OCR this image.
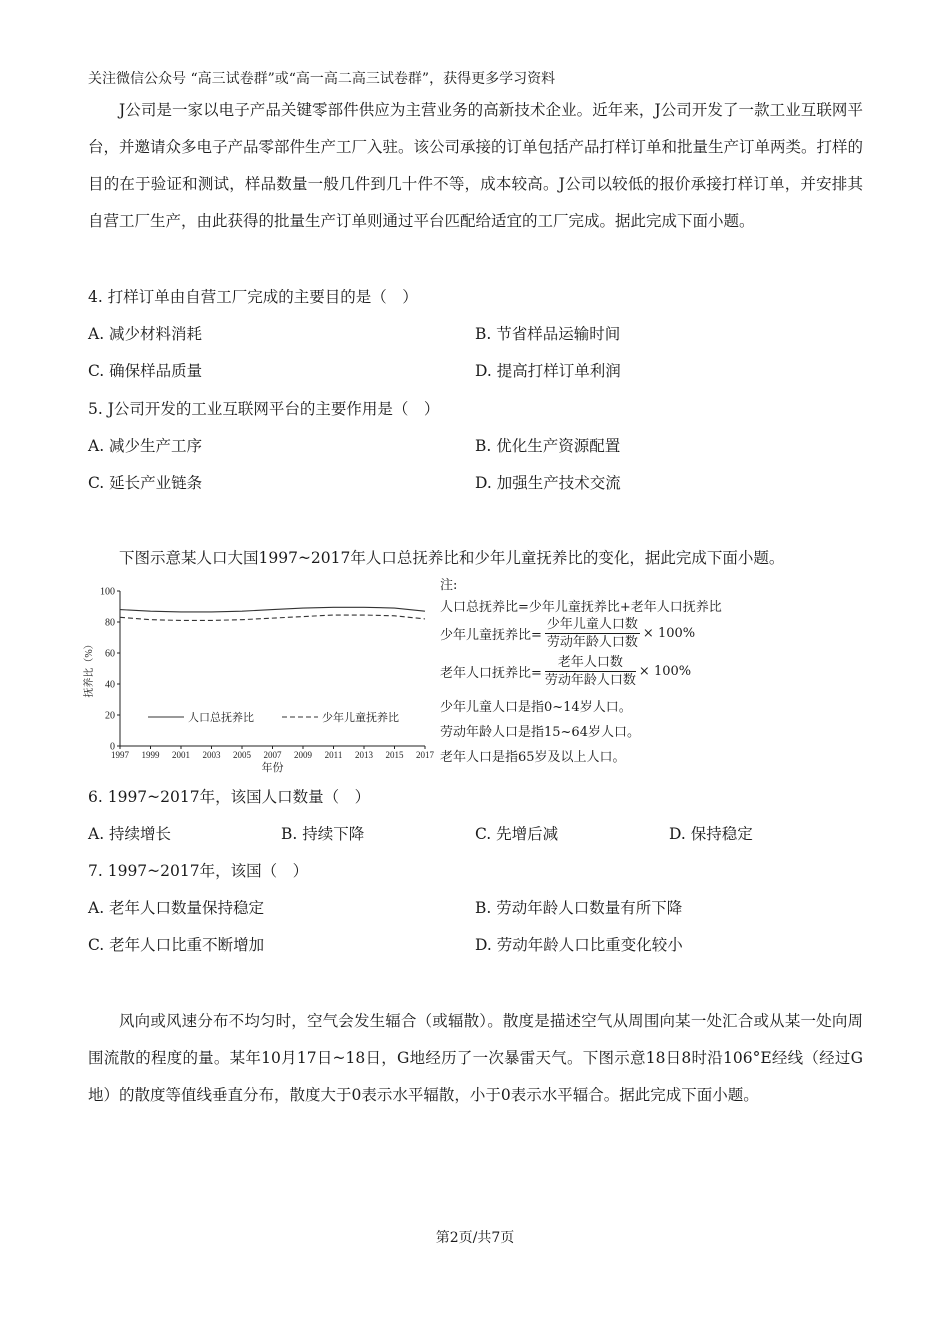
关注微信公众号 “高三试卷群”或“高一高二高三试卷群”，获得更多学习资料

J公司是一家以电子产品关键零部件供应为主营业务的高新技术企业。近年来，J公司开发了一款工业互联网平台，并邀请众多电子产品零部件生产工厂入驻。该公司承接的订单包括产品打样订单和批量生产订单两类。打样的目的在于验证和测试，样品数量一般几件到几十件不等，成本较高。J公司以较低的报价承接打样订单，并安排其自营工厂生产，由此获得的批量生产订单则通过平台匹配给适宜的工厂完成。据此完成下面小题。

4. 打样订单由自营工厂完成的主要目的是（　）
A. 减少材料消耗	B. 节省样品运输时间
C. 确保样品质量	D. 提高打样订单利润
5. J公司开发的工业互联网平台的主要作用是（　）
A. 减少生产工序	B. 优化生产资源配置
C. 延长产业链条	D. 加强生产技术交流

下图示意某人口大国1997~2017年人口总抚养比和少年儿童抚养比的变化，据此完成下面小题。

0
20
40
60
80
100
1997 1999 2001 2003 2005 2007 2009 2011 2013 2015 2017
年份
抚养比（%）
人口总抚养比	少年儿童抚养比
注:
人口总抚养比=少年儿童抚养比+老年人口抚养比
少年儿童抚养比= $\frac{\text{少年儿童人口数}}{\text{劳动年龄人口数}} \times 100\%$
老年人口抚养比= $\frac{\text{老年人口数}}{\text{劳动年龄人口数}} \times 100\%$
少年儿童人口是指0~14岁人口。
劳动年龄人口是指15~64岁人口。
老年人口是指65岁及以上人口。
6. 1997~2017年，该国人口数量（　）
A. 持续增长	B. 持续下降	C. 先增后减	D. 保持稳定
7. 1997~2017年，该国（　）
A. 老年人口数量保持稳定	B. 劳动年龄人口数量有所下降
C. 老年人口比重不断增加	D. 劳动年龄人口比重变化较小

风向或风速分布不均匀时，空气会发生辐合（或辐散）。散度是描述空气从周围向某一处汇合或从某一处向周围流散的程度的量。某年10月17日~18日，G地经历了一次暴雷天气。下图示意18日8时沿106°E经线（经过G地）的散度等值线垂直分布，散度大于0表示水平辐散，小于0表示水平辐合。据此完成下面小题。

第2页/共7页
